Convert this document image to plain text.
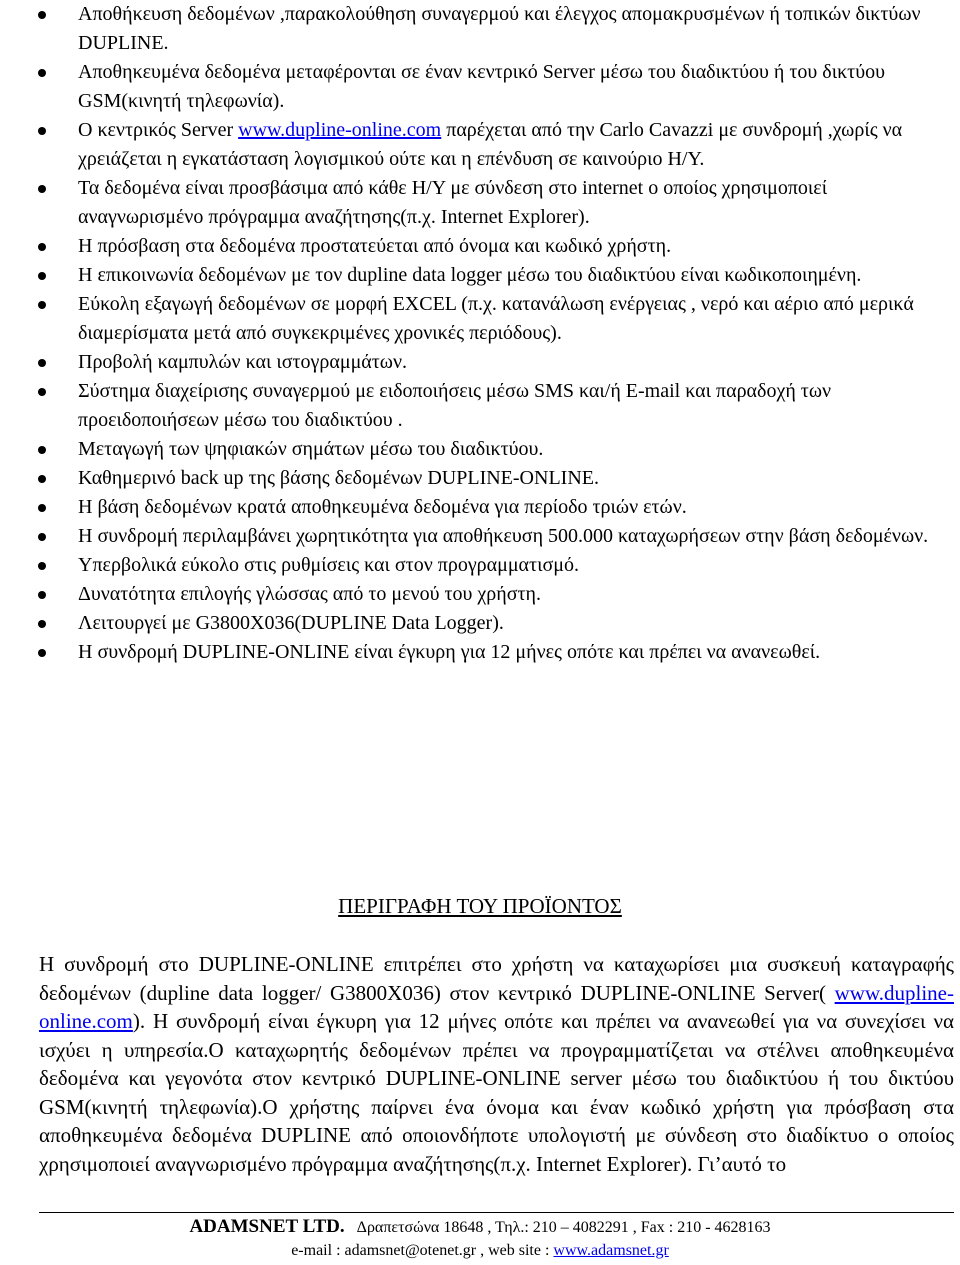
Αποθήκευση δεδομένων ,παρακολούθηση συναγερμού και έλεγχος απομακρυσμένων ή τοπικών δικτύων DUPLINE.
Αποθηκευμένα δεδομένα μεταφέρονται σε έναν κεντρικό Server μέσω του διαδικτύου ή του δικτύου GSM(κινητή τηλεφωνία).
Ο κεντρικός Server www.dupline-online.com παρέχεται από την Carlo Cavazzi με συνδρομή ,χωρίς να χρειάζεται η εγκατάσταση λογισμικού ούτε και η επένδυση σε καινούριο Η/Υ.
Τα δεδομένα είναι προσβάσιμα από κάθε Η/Υ με σύνδεση στο internet ο οποίος χρησιμοποιεί αναγνωρισμένο πρόγραμμα αναζήτησης(π.χ. Internet Explorer).
Η πρόσβαση στα δεδομένα προστατεύεται από όνομα και κωδικό χρήστη.
Η επικοινωνία δεδομένων με τον dupline data logger μέσω του διαδικτύου είναι κωδικοποιημένη.
Εύκολη εξαγωγή δεδομένων σε μορφή EXCEL (π.χ. κατανάλωση ενέργειας , νερό και αέριο από μερικά διαμερίσματα μετά από συγκεκριμένες χρονικές περιόδους).
Προβολή καμπυλών και ιστογραμμάτων.
Σύστημα διαχείρισης συναγερμού με ειδοποιήσεις μέσω SMS και/ή E-mail και παραδοχή των προειδοποιήσεων μέσω του διαδικτύου .
Μεταγωγή των ψηφιακών σημάτων μέσω του διαδικτύου.
Καθημερινό back up της βάσης δεδομένων DUPLINE-ONLINE.
Η βάση δεδομένων κρατά αποθηκευμένα δεδομένα για περίοδο τριών ετών.
Η συνδρομή περιλαμβάνει χωρητικότητα για αποθήκευση 500.000 καταχωρήσεων στην βάση δεδομένων.
Υπερβολικά εύκολο στις ρυθμίσεις και στον προγραμματισμό.
Δυνατότητα επιλογής γλώσσας από το μενού του χρήστη.
Λειτουργεί με G3800X036(DUPLINE Data Logger).
Η συνδρομή DUPLINE-ONLINE είναι έγκυρη για 12 μήνες οπότε και πρέπει να ανανεωθεί.
ΠΕΡΙΓΡΑΦΗ ΤΟΥ ΠΡΟΪΟΝΤΟΣ

Η συνδρομή στο DUPLINE-ONLINE επιτρέπει στο χρήστη να καταχωρίσει μια συσκευή καταγραφής δεδομένων (dupline data logger/ G3800X036) στον κεντρικό DUPLINE-ONLINE Server( www.dupline-online.com). Η συνδρομή είναι έγκυρη για 12 μήνες οπότε και πρέπει να ανανεωθεί για να συνεχίσει να ισχύει η υπηρεσία.Ο καταχωρητής δεδομένων πρέπει να προγραμματίζεται να στέλνει αποθηκευμένα δεδομένα και γεγονότα στον κεντρικό DUPLINE-ONLINE server μέσω του διαδικτύου ή του δικτύου GSM(κινητή τηλεφωνία).Ο χρήστης παίρνει ένα όνομα και έναν κωδικό χρήστη για πρόσβαση στα αποθηκευμένα δεδομένα DUPLINE από οποιονδήποτε υπολογιστή με σύνδεση στο διαδίκτυο ο οποίος χρησιμοποιεί αναγνωρισμένο πρόγραμμα αναζήτησης(π.χ. Internet Explorer). Γι’αυτό το

ADAMSNET LTD. Δραπετσώνα 18648 , Τηλ.: 210 – 4082291 , Fax : 210 - 4628163
e-mail : adamsnet@otenet.gr , web site : www.adamsnet.gr
